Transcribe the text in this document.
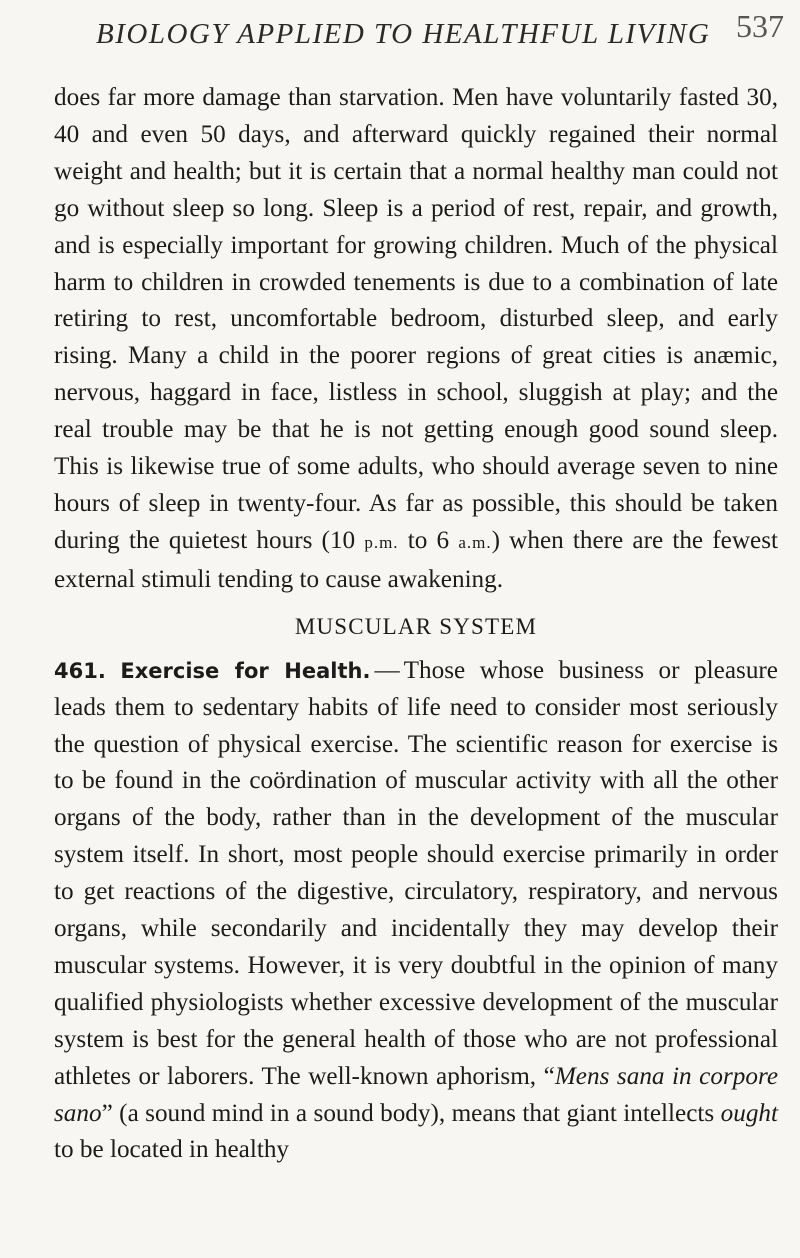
BIOLOGY APPLIED TO HEALTHFUL LIVING 537

does far more damage than starvation. Men have voluntarily fasted 30, 40 and even 50 days, and afterward quickly regained their normal weight and health; but it is certain that a normal healthy man could not go without sleep so long. Sleep is a period of rest, repair, and growth, and is especially important for growing children. Much of the physical harm to children in crowded tenements is due to a combination of late retiring to rest, uncomfortable bedroom, disturbed sleep, and early rising. Many a child in the poorer regions of great cities is anæmic, nervous, haggard in face, listless in school, sluggish at play; and the real trouble may be that he is not getting enough good sound sleep. This is likewise true of some adults, who should average seven to nine hours of sleep in twenty-four. As far as possible, this should be taken during the quietest hours (10 p.m. to 6 a.m.) when there are the fewest external stimuli tending to cause awakening.

MUSCULAR SYSTEM

461. Exercise for Health. — Those whose business or pleasure leads them to sedentary habits of life need to consider most seriously the question of physical exercise. The scientific reason for exercise is to be found in the coördination of muscular activity with all the other organs of the body, rather than in the development of the muscular system itself. In short, most people should exercise primarily in order to get reactions of the digestive, circulatory, respiratory, and nervous organs, while secondarily and incidentally they may develop their muscular systems. However, it is very doubtful in the opinion of many qualified physiologists whether excessive development of the muscular system is best for the general health of those who are not professional athletes or laborers. The well-known aphorism, “Mens sana in corpore sano” (a sound mind in a sound body), means that giant intellects ought to be located in healthy
